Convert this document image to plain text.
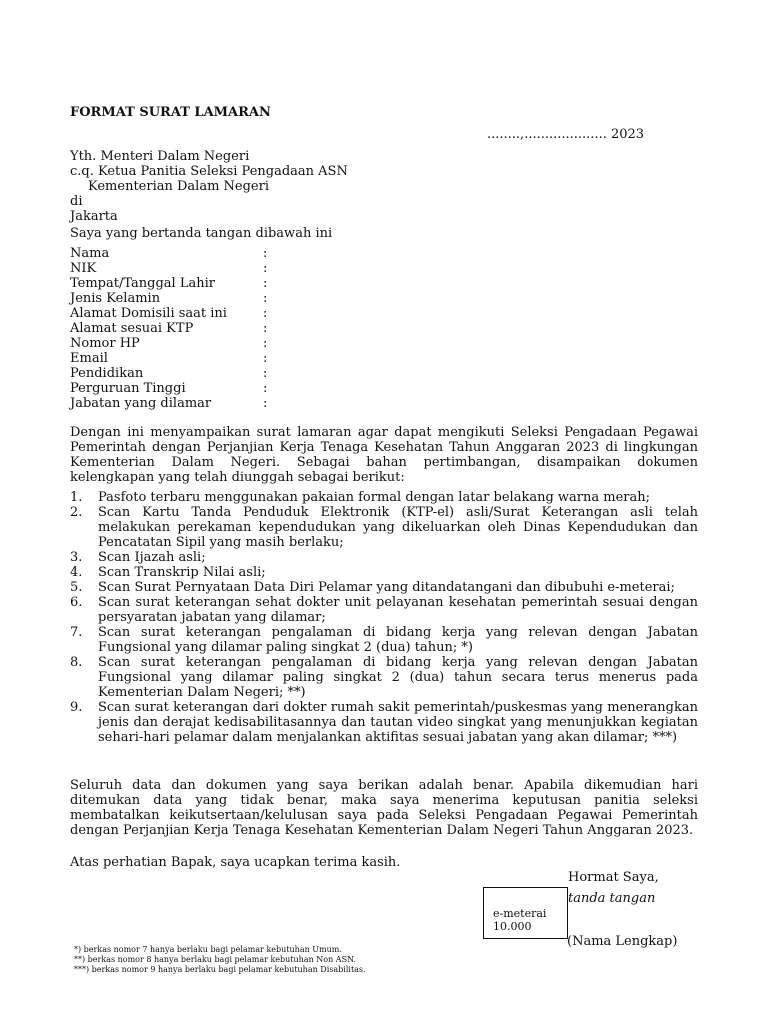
FORMAT SURAT LAMARAN
........,.................... 2023
Yth. Menteri Dalam Negeri
c.q. Ketua Panitia Seleksi Pengadaan ASN
Kementerian Dalam Negeri
di
Jakarta
Saya yang bertanda tangan dibawah ini
Nama	:
NIK	:
Tempat/Tanggal Lahir	:
Jenis Kelamin	:
Alamat Domisili saat ini	:
Alamat sesuai KTP	:
Nomor HP	:
Email	:
Pendidikan	:
Perguruan Tinggi	:
Jabatan yang dilamar	:
Dengan ini menyampaikan surat lamaran agar dapat mengikuti Seleksi Pengadaan Pegawai Pemerintah dengan Perjanjian Kerja Tenaga Kesehatan Tahun Anggaran 2023 di lingkungan Kementerian Dalam Negeri. Sebagai bahan pertimbangan, disampaikan dokumen kelengkapan yang telah diunggah sebagai berikut:
1. Pasfoto terbaru menggunakan pakaian formal dengan latar belakang warna merah;
2. Scan Kartu Tanda Penduduk Elektronik (KTP-el) asli/Surat Keterangan asli telah melakukan perekaman kependudukan yang dikeluarkan oleh Dinas Kependudukan dan Pencatatan Sipil yang masih berlaku;
3. Scan Ijazah asli;
4. Scan Transkrip Nilai asli;
5. Scan Surat Pernyataan Data Diri Pelamar yang ditandatangani dan dibubuhi e-meterai;
6. Scan surat keterangan sehat dokter unit pelayanan kesehatan pemerintah sesuai dengan persyaratan jabatan yang dilamar;
7. Scan surat keterangan pengalaman di bidang kerja yang relevan dengan Jabatan Fungsional yang dilamar paling singkat 2 (dua) tahun; *)
8. Scan surat keterangan pengalaman di bidang kerja yang relevan dengan Jabatan Fungsional yang dilamar paling singkat 2 (dua) tahun secara terus menerus pada Kementerian Dalam Negeri; **)
9. Scan surat keterangan dari dokter rumah sakit pemerintah/puskesmas yang menerangkan jenis dan derajat kedisabilitasannya dan tautan video singkat yang menunjukkan kegiatan sehari-hari pelamar dalam menjalankan aktifitas sesuai jabatan yang akan dilamar; ***)
Seluruh data dan dokumen yang saya berikan adalah benar. Apabila dikemudian hari ditemukan data yang tidak benar, maka saya menerima keputusan panitia seleksi membatalkan keikutsertaan/kelulusan saya pada Seleksi Pengadaan Pegawai Pemerintah dengan Perjanjian Kerja Tenaga Kesehatan Kementerian Dalam Negeri Tahun Anggaran 2023.
Atas perhatian Bapak, saya ucapkan terima kasih.
Hormat Saya,
tanda tangan
e-meterai
10.000
(Nama Lengkap)
*) berkas nomor 7 hanya berlaku bagi pelamar kebutuhan Umum.
**) berkas nomor 8 hanya berlaku bagi pelamar kebutuhan Non ASN.
***) berkas nomor 9 hanya berlaku bagi pelamar kebutuhan Disabilitas.
